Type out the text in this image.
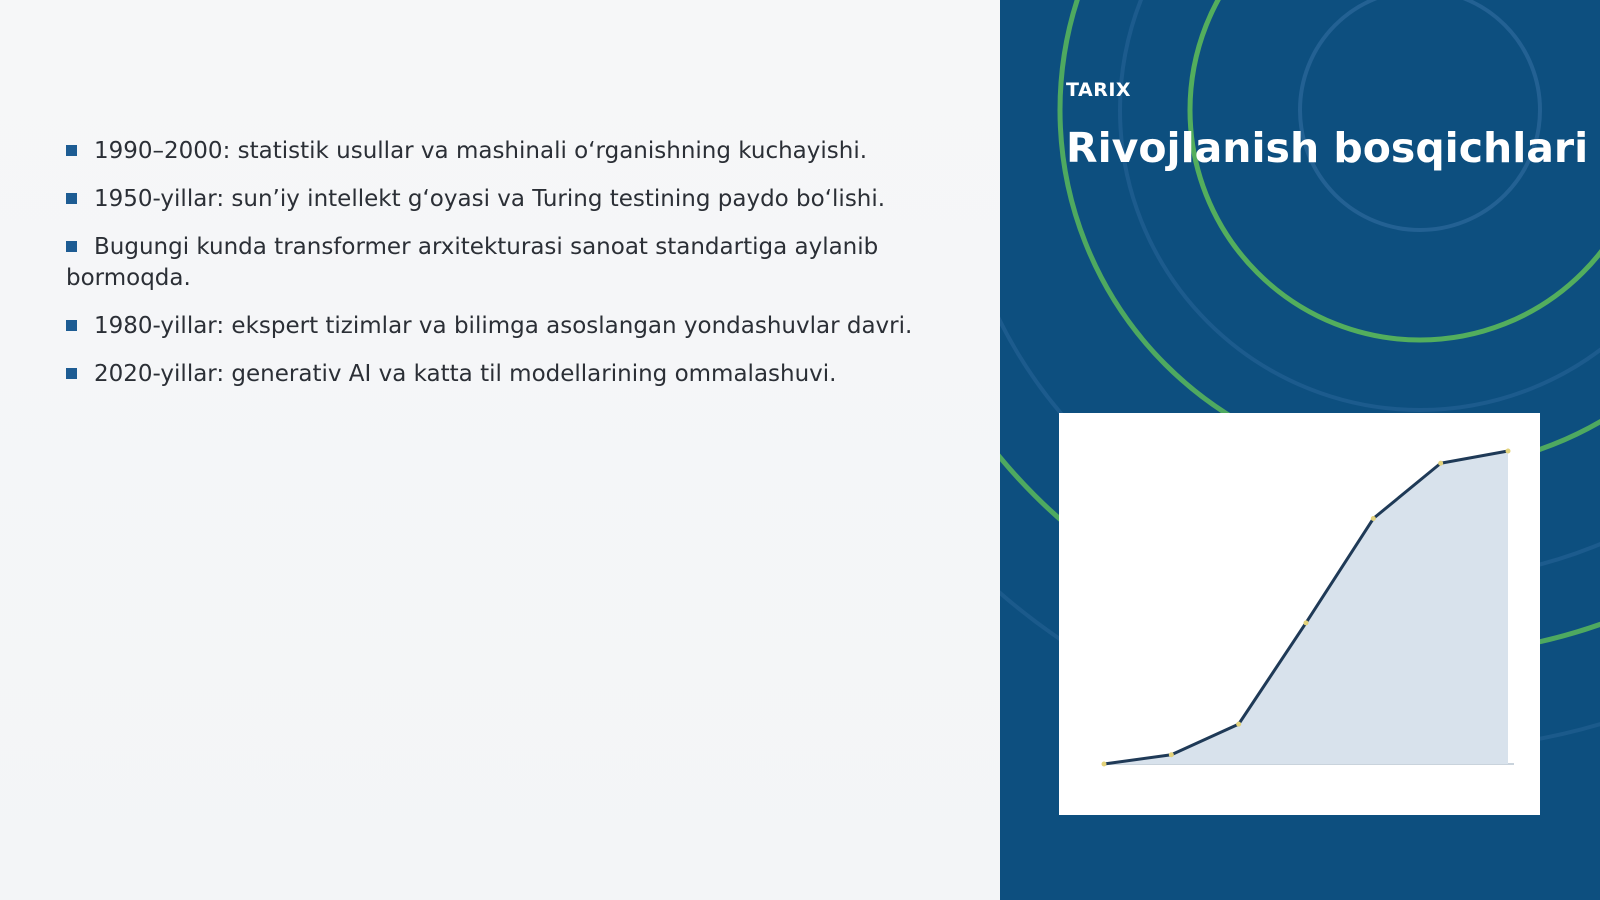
1990–2000: statistik usullar va mashinali o‘rganishning kuchayishi.
1950-yillar: sun’iy intellekt g‘oyasi va Turing testining paydo bo‘lishi.
Bugungi kunda transformer arxitekturasi sanoat standartiga aylanib bormoqda.
1980-yillar: ekspert tizimlar va bilimga asoslangan yondashuvlar davri.
2020-yillar: generativ AI va katta til modellarining ommalashuvi.
TARIX
Rivojlanish bosqichlari
